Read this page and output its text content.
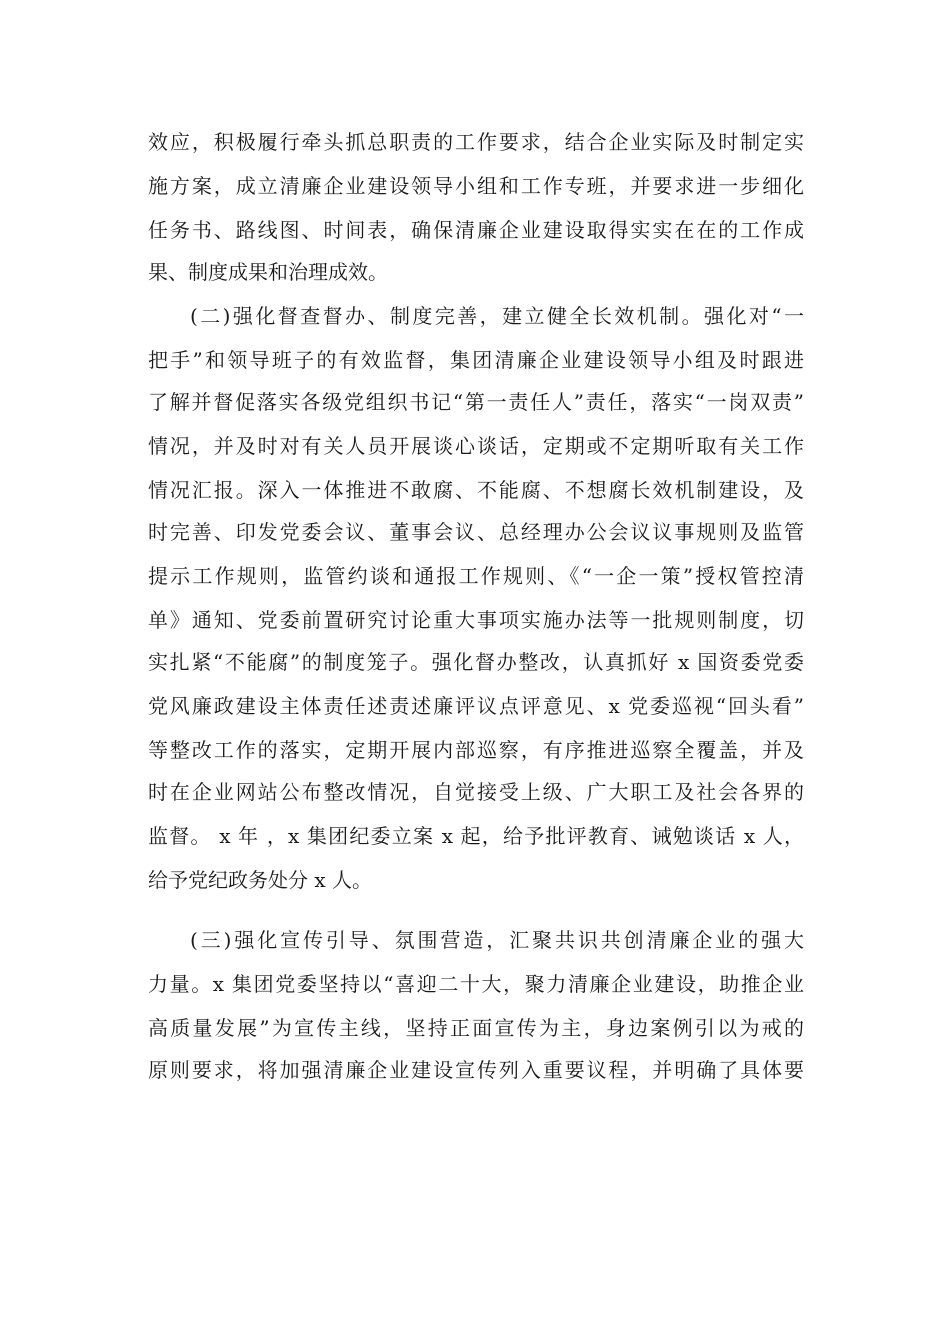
效应，积极履行牵头抓总职责的工作要求，结合企业实际及时制定实
施方案，成立清廉企业建设领导小组和工作专班，并要求进一步细化
任务书、路线图、时间表，确保清廉企业建设取得实实在在的工作成
果、制度成果和治理成效。
(二)强化督查督办、制度完善，建立健全长效机制。强化对“一
把手”和领导班子的有效监督，集团清廉企业建设领导小组及时跟进
了解并督促落实各级党组织书记“第一责任人”责任，落实“一岗双责”
情况，并及时对有关人员开展谈心谈话，定期或不定期听取有关工作
情况汇报。深入一体推进不敢腐、不能腐、不想腐长效机制建设，及
时完善、印发党委会议、董事会议、总经理办公会议议事规则及监管
提示工作规则，监管约谈和通报工作规则、《“一企一策”授权管控清
单》通知、党委前置研究讨论重大事项实施办法等一批规则制度，切
实扎紧“不能腐”的制度笼子。强化督办整改，认真抓好 x 国资委党委
党风廉政建设主体责任述责述廉评议点评意见、x 党委巡视“回头看”
等整改工作的落实，定期开展内部巡察，有序推进巡察全覆盖，并及
时在企业网站公布整改情况，自觉接受上级、广大职工及社会各界的
监督。 x 年 ，x 集团纪委立案 x 起，给予批评教育、诫勉谈话 x 人，
给予党纪政务处分 x 人。
(三)强化宣传引导、氛围营造，汇聚共识共创清廉企业的强大
力量。x 集团党委坚持以“喜迎二十大，聚力清廉企业建设，助推企业
高质量发展”为宣传主线，坚持正面宣传为主，身边案例引以为戒的
原则要求，将加强清廉企业建设宣传列入重要议程，并明确了具体要
